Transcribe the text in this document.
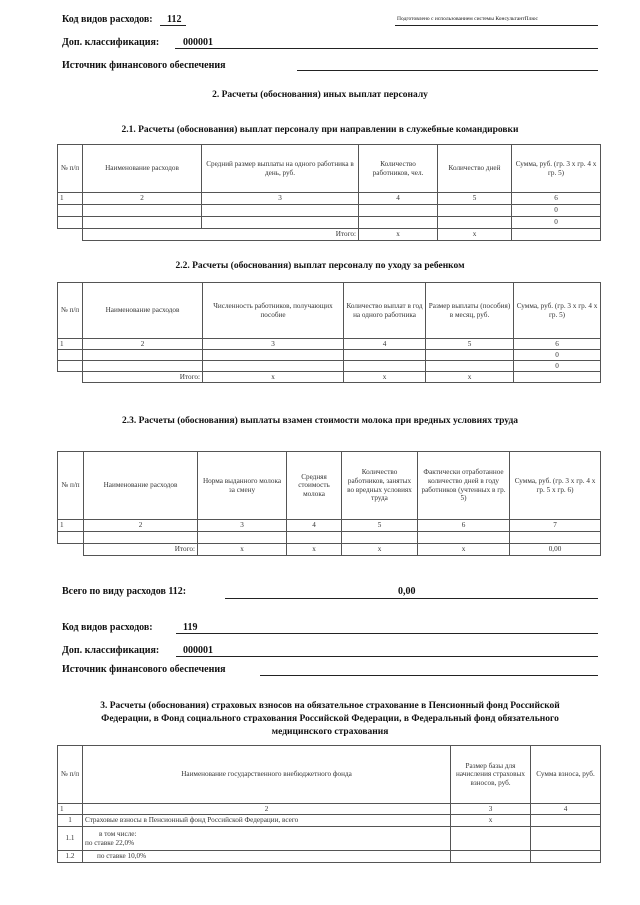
Код видов расходов: 112	Подготовлено с использованием системы КонсультантПлюс
Доп. классификация: 000001
Источник финансового обеспечения
2. Расчеты (обоснования) иных выплат персоналу
2.1. Расчеты (обоснования) выплат персоналу при направлении в служебные командировки
№ п/п	Наименование расходов	Средний размер выплаты на одного работника в день, руб.	Количество работников, чел.	Количество дней	Сумма, руб. (гр. 3 x гр. 4 x гр. 5)
1	2	3	4	5	6
					0
					0
	Итого:		x	x	
2.2. Расчеты (обоснования) выплат персоналу по уходу за ребенком
№ п/п	Наименование расходов	Численность работников, получающих пособие	Количество выплат в год на одного работника	Размер выплаты (пособия) в месяц, руб.	Сумма, руб. (гр. 3 x гр. 4 x гр. 5)
1	2	3	4	5	6
					0
					0
	Итого:	x	x	x	
2.3. Расчеты (обоснования) выплаты взамен стоимости молока при вредных условиях труда
№ п/п	Наименование расходов	Норма выданного молока за смену	Средняя стоимость молока	Количество работников, занятых во вредных условиях труда	Фактически отработанное количество дней в году работников (учтенных в гр. 5)	Сумма, руб. (гр. 3 x гр. 4 x гр. 5 x гр. 6)
1	2	3	4	5	6	7

	Итого:	x	x	x	x	0,00
Всего по виду расходов 112:	0,00
Код видов расходов:	119
Доп. классификация: 000001
Источник финансового обеспечения
3. Расчеты (обоснования) страховых взносов на обязательное страхование в Пенсионный фонд Российской
Федерации, в Фонд социального страхования Российской Федерации, в Федеральный фонд обязательного
медицинского страхования
№ п/п	Наименование государственного внебюджетного фонда	Размер базы для начисления страховых взносов, руб.	Сумма взноса, руб.
1	2	3	4
1	Страховые взносы в Пенсионный фонд Российской Федерации, всего	x	
1.1	в том числе:
по ставке 22,0%		

1.2	по ставке 10,0%		
